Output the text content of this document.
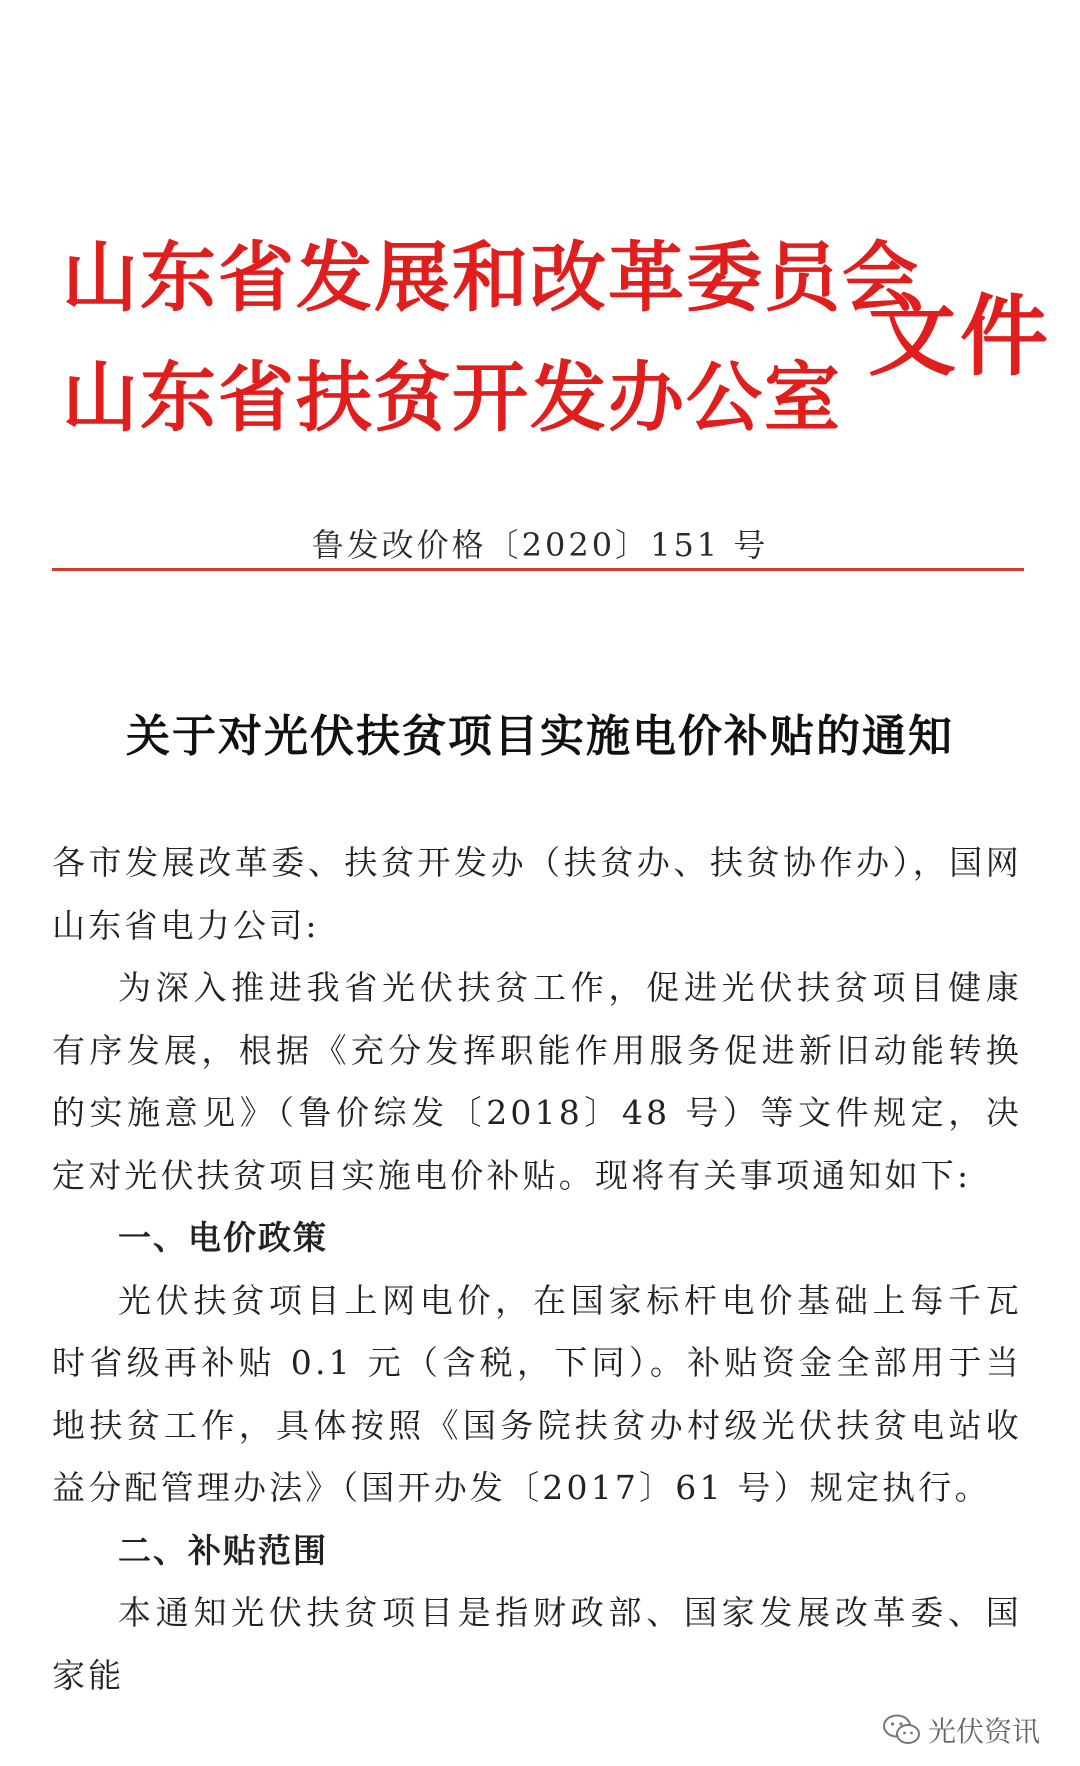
山东省发展和改革委员会
山东省扶贫开发办公室
文件
鲁发改价格〔2020〕151 号
关于对光伏扶贫项目实施电价补贴的通知

各市发展改革委、扶贫开发办（扶贫办、扶贫协作办），国网山东省电力公司:

为深入推进我省光伏扶贫工作，促进光伏扶贫项目健康有序发展，根据《充分发挥职能作用服务促进新旧动能转换的实施意见》（鲁价综发〔2018〕48 号）等文件规定，决定对光伏扶贫项目实施电价补贴。现将有关事项通知如下:

一、电价政策

光伏扶贫项目上网电价，在国家标杆电价基础上每千瓦时省级再补贴 0.1 元（含税，下同）。补贴资金全部用于当地扶贫工作，具体按照《国务院扶贫办村级光伏扶贫电站收益分配管理办法》（国开办发〔2017〕61 号）规定执行。

二、补贴范围

本通知光伏扶贫项目是指财政部、国家发展改革委、国家能

光伏资讯
